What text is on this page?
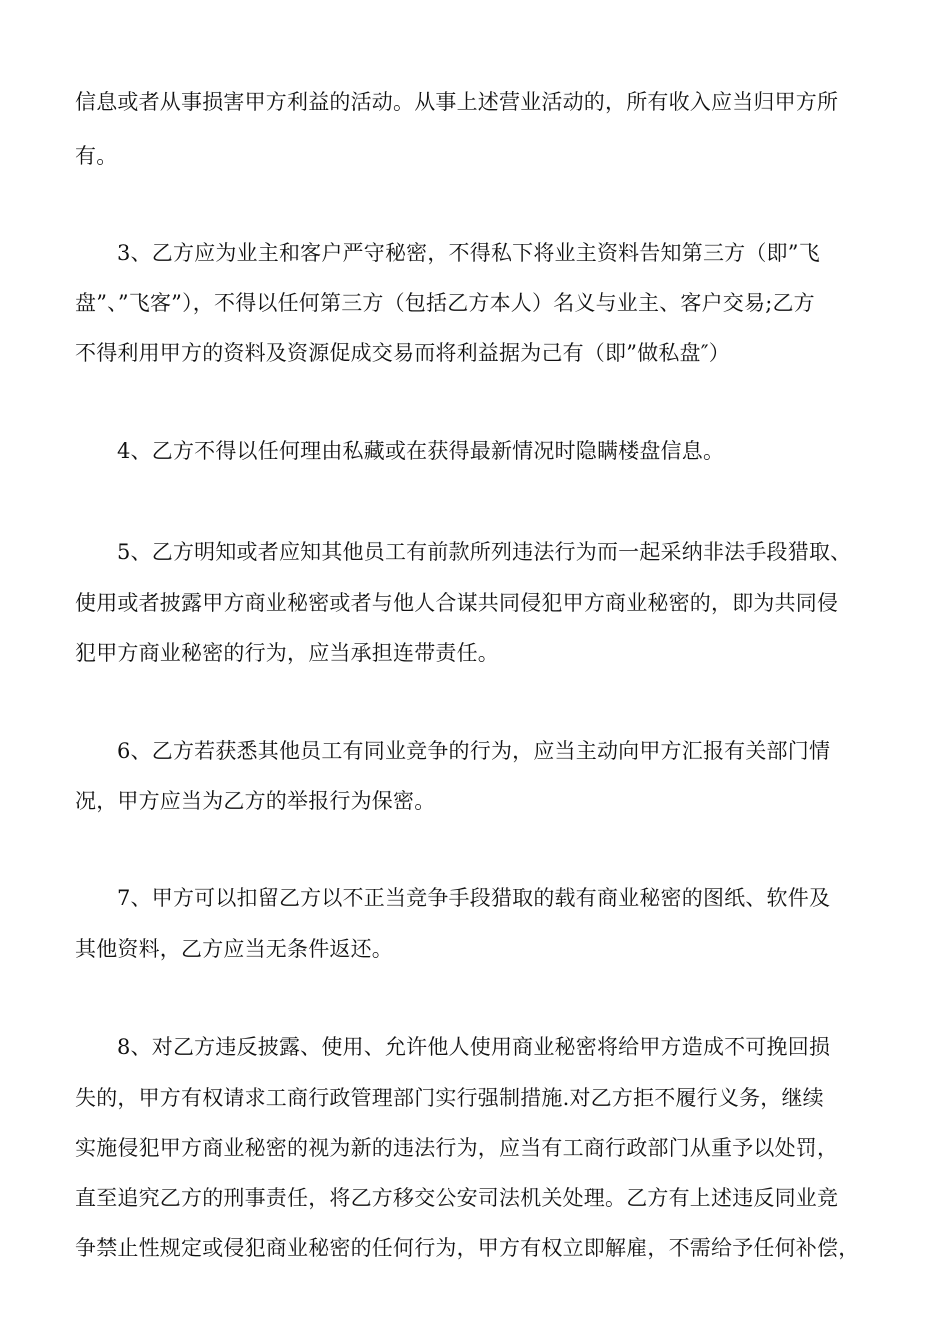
信息或者从事损害甲方利益的活动。从事上述营业活动的，所有收入应当归甲方所
有。
3、乙方应为业主和客户严守秘密，不得私下将业主资料告知第三方（即”飞
盘”、”飞客”），不得以任何第三方（包括乙方本人）名义与业主、客户交易;乙方
不得利用甲方的资料及资源促成交易而将利益据为己有（即”做私盘″）
4、乙方不得以任何理由私藏或在获得最新情况时隐瞒楼盘信息。
5、乙方明知或者应知其他员工有前款所列违法行为而一起采纳非法手段猎取、
使用或者披露甲方商业秘密或者与他人合谋共同侵犯甲方商业秘密的，即为共同侵
犯甲方商业秘密的行为，应当承担连带责任。
6、乙方若获悉其他员工有同业竞争的行为，应当主动向甲方汇报有关部门情
况，甲方应当为乙方的举报行为保密。
7、甲方可以扣留乙方以不正当竞争手段猎取的载有商业秘密的图纸、软件及
其他资料，乙方应当无条件返还。
8、对乙方违反披露、使用、允许他人使用商业秘密将给甲方造成不可挽回损
失的，甲方有权请求工商行政管理部门实行强制措施.对乙方拒不履行义务，继续
实施侵犯甲方商业秘密的视为新的违法行为，应当有工商行政部门从重予以处罚，
直至追究乙方的刑事责任，将乙方移交公安司法机关处理。乙方有上述违反同业竞
争禁止性规定或侵犯商业秘密的任何行为，甲方有权立即解雇，不需给予任何补偿，
